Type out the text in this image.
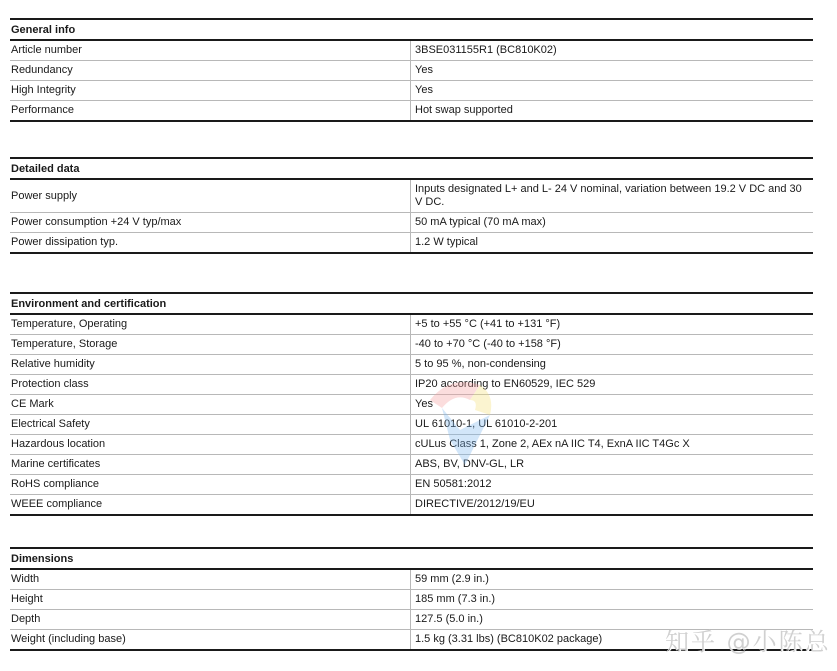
General info	
Article number	3BSE031155R1 (BC810K02)
Redundancy	Yes
High Integrity	Yes
Performance	Hot swap supported
Detailed data	
Power supply	Inputs designated L+ and L- 24 V nominal, variation between 19.2 V DC and 30 V DC.
Power consumption +24 V typ/max	50 mA typical (70 mA max)
Power dissipation typ.	1.2 W typical
Environment and certification	
Temperature, Operating	+5 to +55 °C (+41 to +131 °F)
Temperature, Storage	-40 to +70 °C (-40 to +158 °F)
Relative humidity	5 to 95 %, non-condensing
Protection class	IP20 according to EN60529, IEC 529
CE Mark	Yes
Electrical Safety	UL 61010-1, UL 61010-2-201
Hazardous location	cULus Class 1, Zone 2, AEx nA IIC T4, ExnA IIC T4Gc X
Marine certificates	ABS, BV, DNV-GL, LR
RoHS compliance	EN 50581:2012
WEEE compliance	DIRECTIVE/2012/19/EU
Dimensions	
Width	59 mm (2.9 in.)
Height	185 mm (7.3 in.)
Depth	127.5 (5.0 in.)
Weight (including base)	1.5 kg (3.31 lbs) (BC810K02 package)	知乎 @小陈总
